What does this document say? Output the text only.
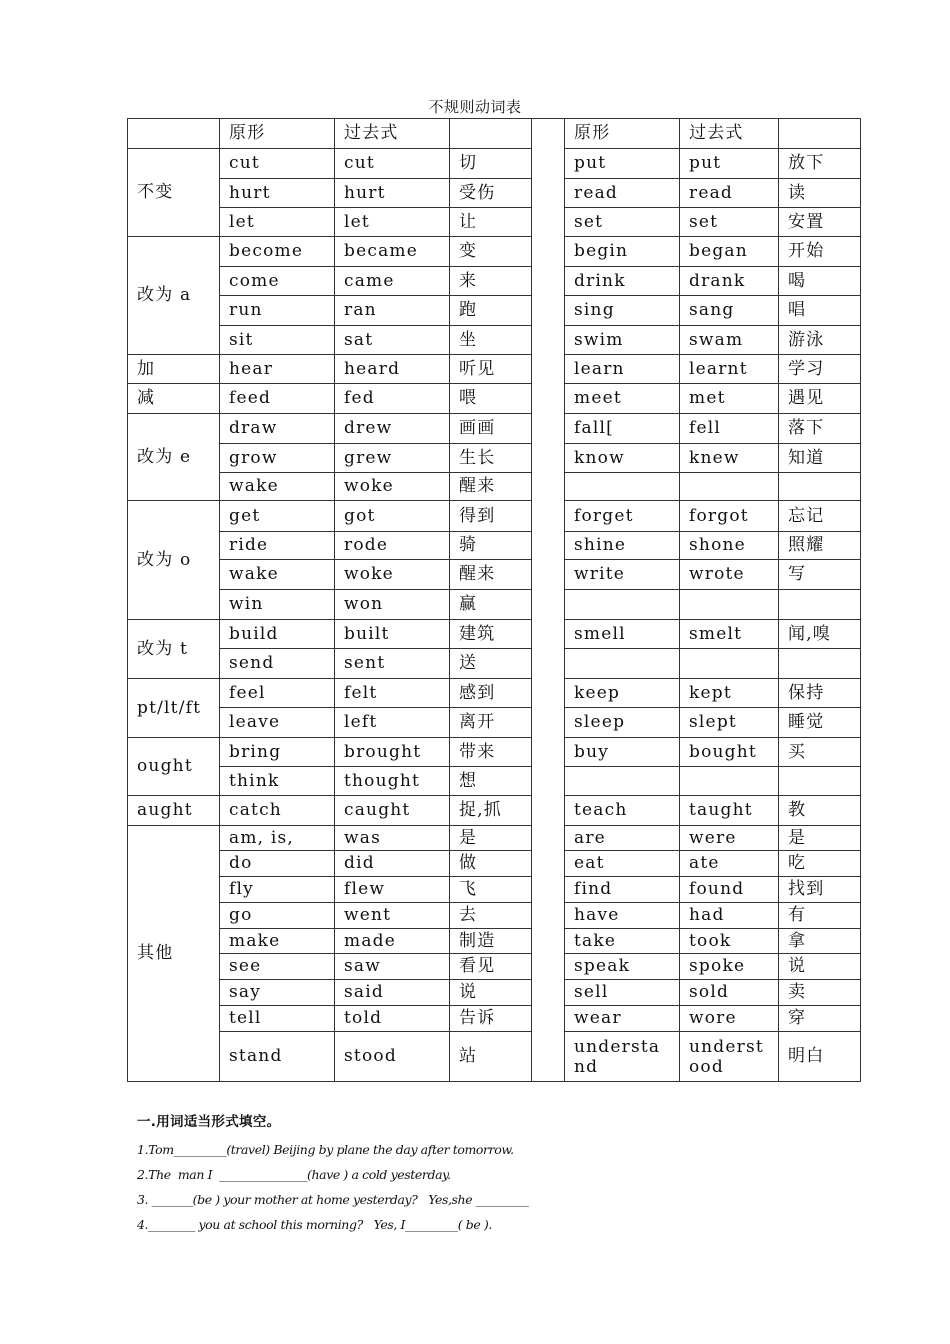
不规则动词表
	原形	过去式			原形	过去式	
不变	cut	cut	切		put	put	放下
	hurt	hurt	受伤		read	read	读
	let	let	让		set	set	安置
改为 a	become	became	变		begin	began	开始
	come	came	来		drink	drank	喝
	run	ran	跑		sing	sang	唱
	sit	sat	坐		swim	swam	游泳
加	hear	heard	听见		learn	learnt	学习
减	feed	fed	喂		meet	met	遇见
改为 e	draw	drew	画画		fall[	fell	落下
	grow	grew	生长		know	knew	知道
	wake	woke	醒来				
改为 o	get	got	得到		forget	forgot	忘记
	ride	rode	骑		shine	shone	照耀
	wake	woke	醒来		write	wrote	写
	win	won	赢				
改为 t	build	built	建筑		smell	smelt	闻,嗅
	send	sent	送				
pt/lt/ft	feel	felt	感到		keep	kept	保持
	leave	left	离开		sleep	slept	睡觉
ought	bring	brought	带来		buy	bought	买
	think	thought	想				
aught	catch	caught	捉,抓		teach	taught	教
其他	am, is,	was	是		are	were	是
	do	did	做		eat	ate	吃
	fly	flew	飞		find	found	找到
	go	went	去		have	had	有
	make	made	制造		take	took	拿
	see	saw	看见		speak	spoke	说
	say	said	说		sell	sold	卖
	tell	told	告诉		wear	wore	穿
	stand	stood	站		understand	understood	明白
一.用词适当形式填空。
1.Tom_________(travel) Beijing by plane the day after tomorrow.
2.The  man I  _______________(have ) a cold yesterday.
3. _______(be ) your mother at home yesterday?   Yes,she _________
4.________ you at school this morning?   Yes, I_________( be ).
